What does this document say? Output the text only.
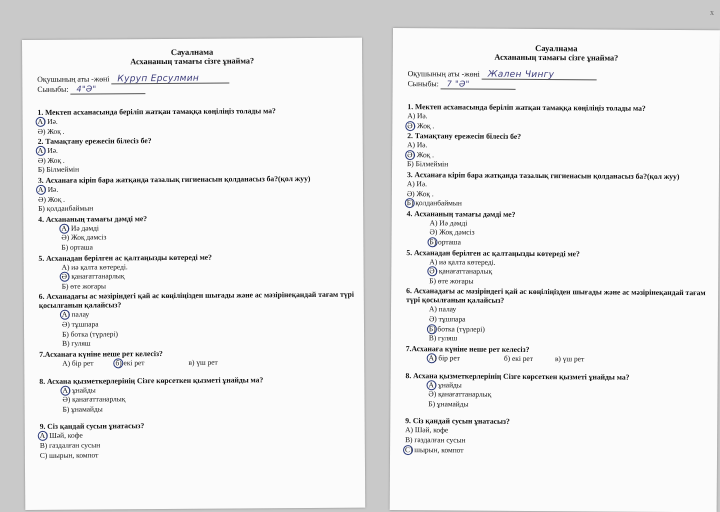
x
Сауалнама
Асхананың тамағы сізге ұнайма?
Оқушының аты -жөні Куруп Ерсулмин
Сыныбы: 4"Ә"
1. Мектеп асханасында беріліп жатқан тамаққа көңіліңіз толады ма?
А) Иә.
Ә) Жоқ .
2. Тамақтану ережесін білесіз бе?
А) Иә.
Ә) Жоқ .
Б) Білмеймін
3. Асханаға кіріп бара жатқанда тазалық гигиенасын қолданасыз ба?(қол жуу)
А) Иә.
Ә) Жоқ .
Б) қолданбаймын
4. Асхананың тамағы дәмді ме?
А) Иә дәмді
Ә) Жоқ дәмсіз
Б) орташа
5. Асханадан берілген ас қалтаңызды көтереді ме?
А) иә қалта көтереді.
Ә) қанағаттанарлық
Б) өте жоғары
6. Асханадағы ас мәзіріндегі қай ас көңіліңізден шығады және ас мәзірінеқандай тағам түрі қосылғанын қалайсыз?
А) палау
Ә) тұшпара
Б) ботка (түрлері)
В) гуляш
7.Асханаға күніне неше рет келесіз?
А) бір рет	б) екі рет	в) үш рет
8. Асхана қызметкерлерінің Сізге көрсеткен қызметі ұнайды ма?
А) ұнайды
Ә) қанағаттанарлық
Б) ұнамайды
9. Сіз қандай сусын ұнатасыз?
А) Шәй, кофе
В) газдалған сусын
С) шырын, компот
Сауалнама
Асхананың тамағы сізге ұнайма?
Оқушының аты -жөні Жален Чингу
Сыныбы: 7 "Ә"
1. Мектеп асханасында беріліп жатқан тамаққа көңіліңіз толады ма?
А) Иә.
Ә) Жоқ .
2. Тамақтану ережесін білесіз бе?
А) Иә.
Ә) Жоқ .
Б) Білмеймін
3. Асханаға кіріп бара жатқанда тазалық гигиенасын қолданасыз ба?(қол жуу)
А) Иә.
Ә) Жоқ .
Б) қолданбаймын
4. Асхананың тамағы дәмді ме?
А) Иә дәмді
Ә) Жоқ дәмсіз
Б) орташа
5. Асханадан берілген ас қалтаңызды көтереді ме?
А) иә қалта көтереді.
Ә) қанағаттанарлық
Б) өте жоғары
6. Асханадағы ас мәзіріндегі қай ас көңіліңізден шығады және ас мәзірінеқандай тағам түрі қосылғанын қалайсыз?
А) палау
Ә) тұшпара
Б) ботка (түрлері)
В) гуляш
7.Асханаға күніне неше рет келесіз?
А) бір рет	б) екі рет	в) үш рет
8. Асхана қызметкерлерінің Сізге көрсеткен қызметі ұнайды ма?
А) ұнайды
Ә) қанағаттанарлық
Б) ұнамайды
9. Сіз қандай сусын ұнатасыз?
А) Шәй, кофе
В) газдалған сусын
С) шырын, компот
